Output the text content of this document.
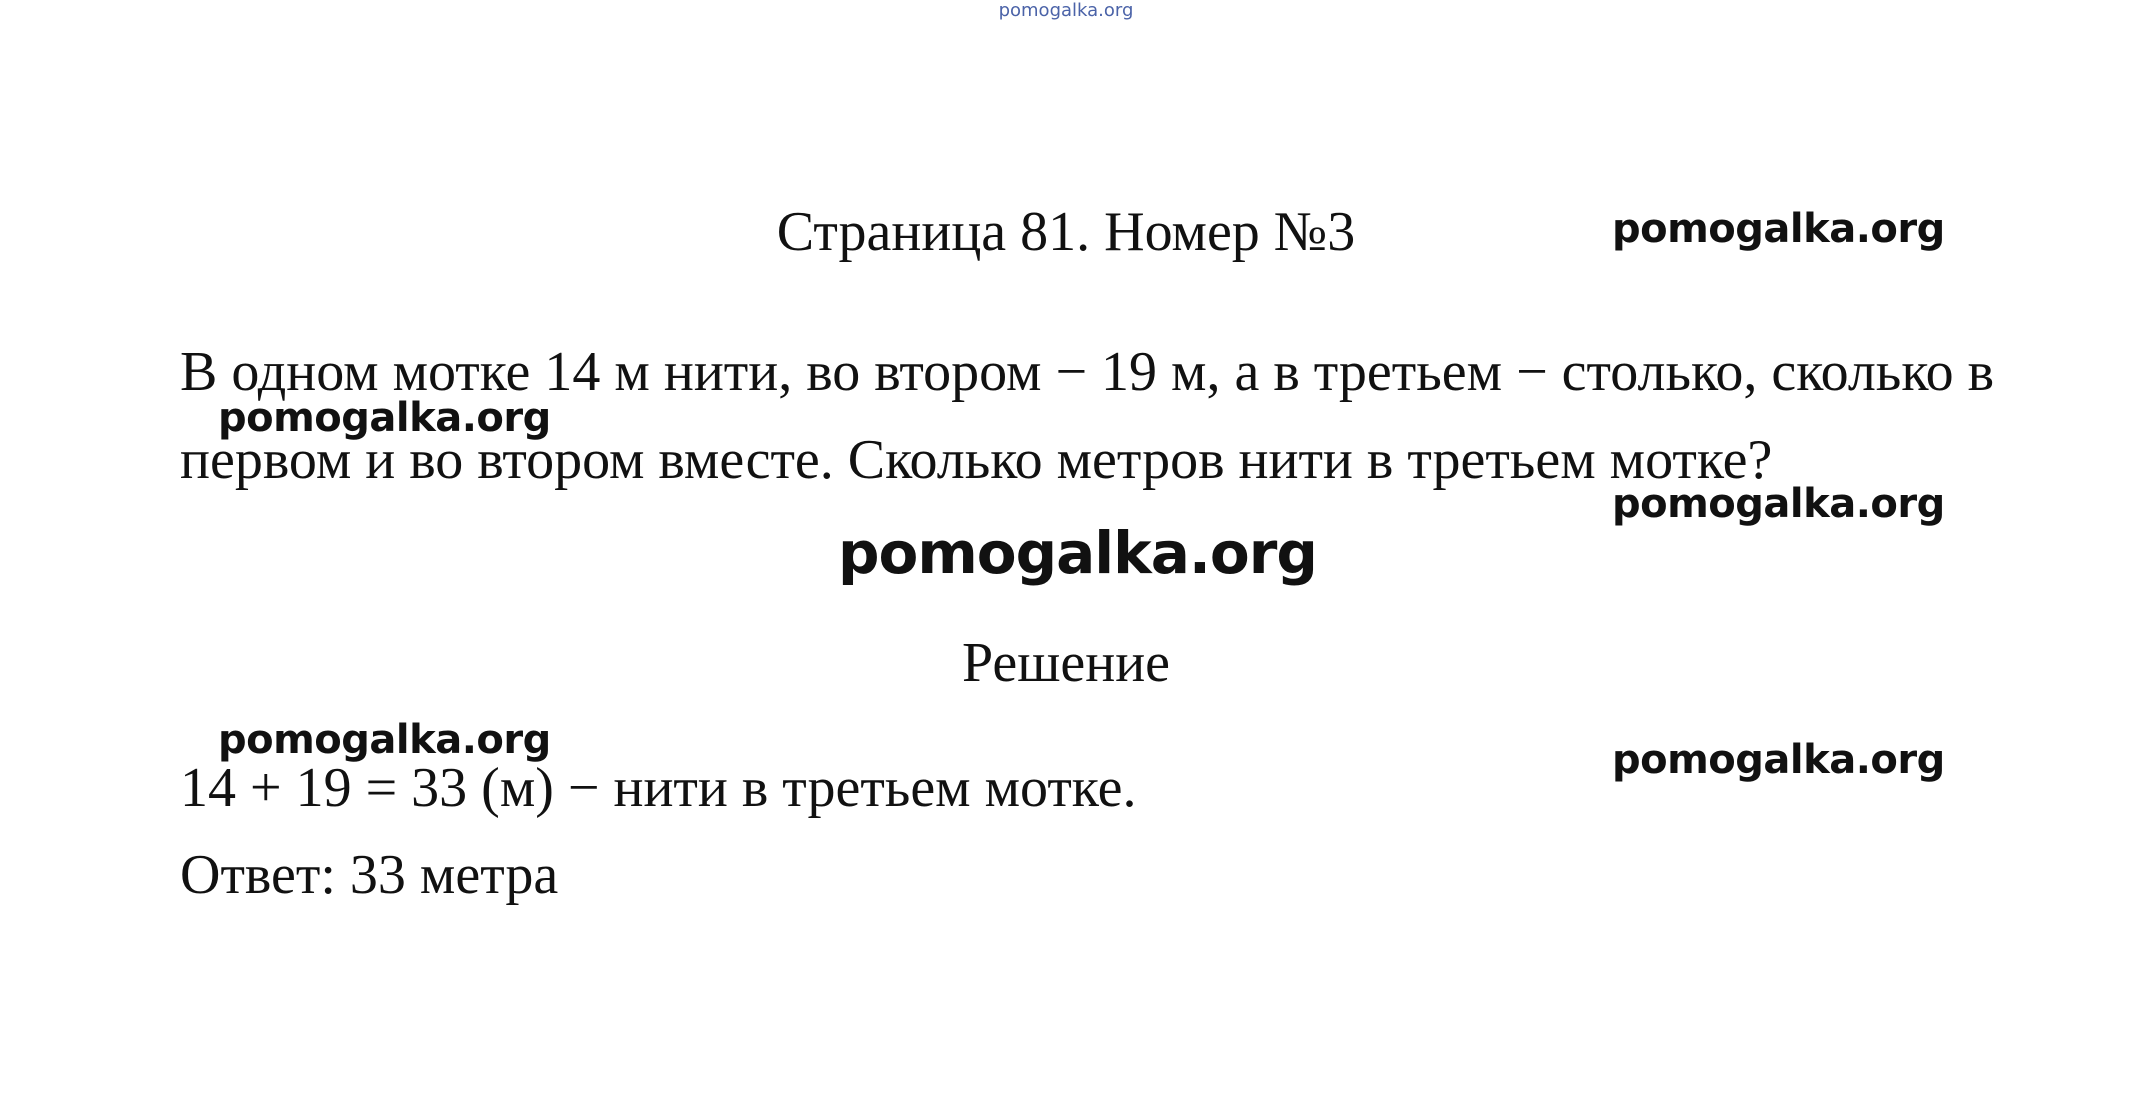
pomogalka.org
Страница 81. Номер №3	pomogalka.org
В одном мотке 14 м нити, во втором − 19 м, а в третьем − столько, сколько в первом и во втором вместе. Сколько метров нити в третьем мотке?
pomogalka.org
pomogalka.org
pomogalka.org
Решение
pomogalka.org	pomogalka.org
14 + 19 = 33 (м) − нити в третьем мотке.
Ответ: 33 метра
